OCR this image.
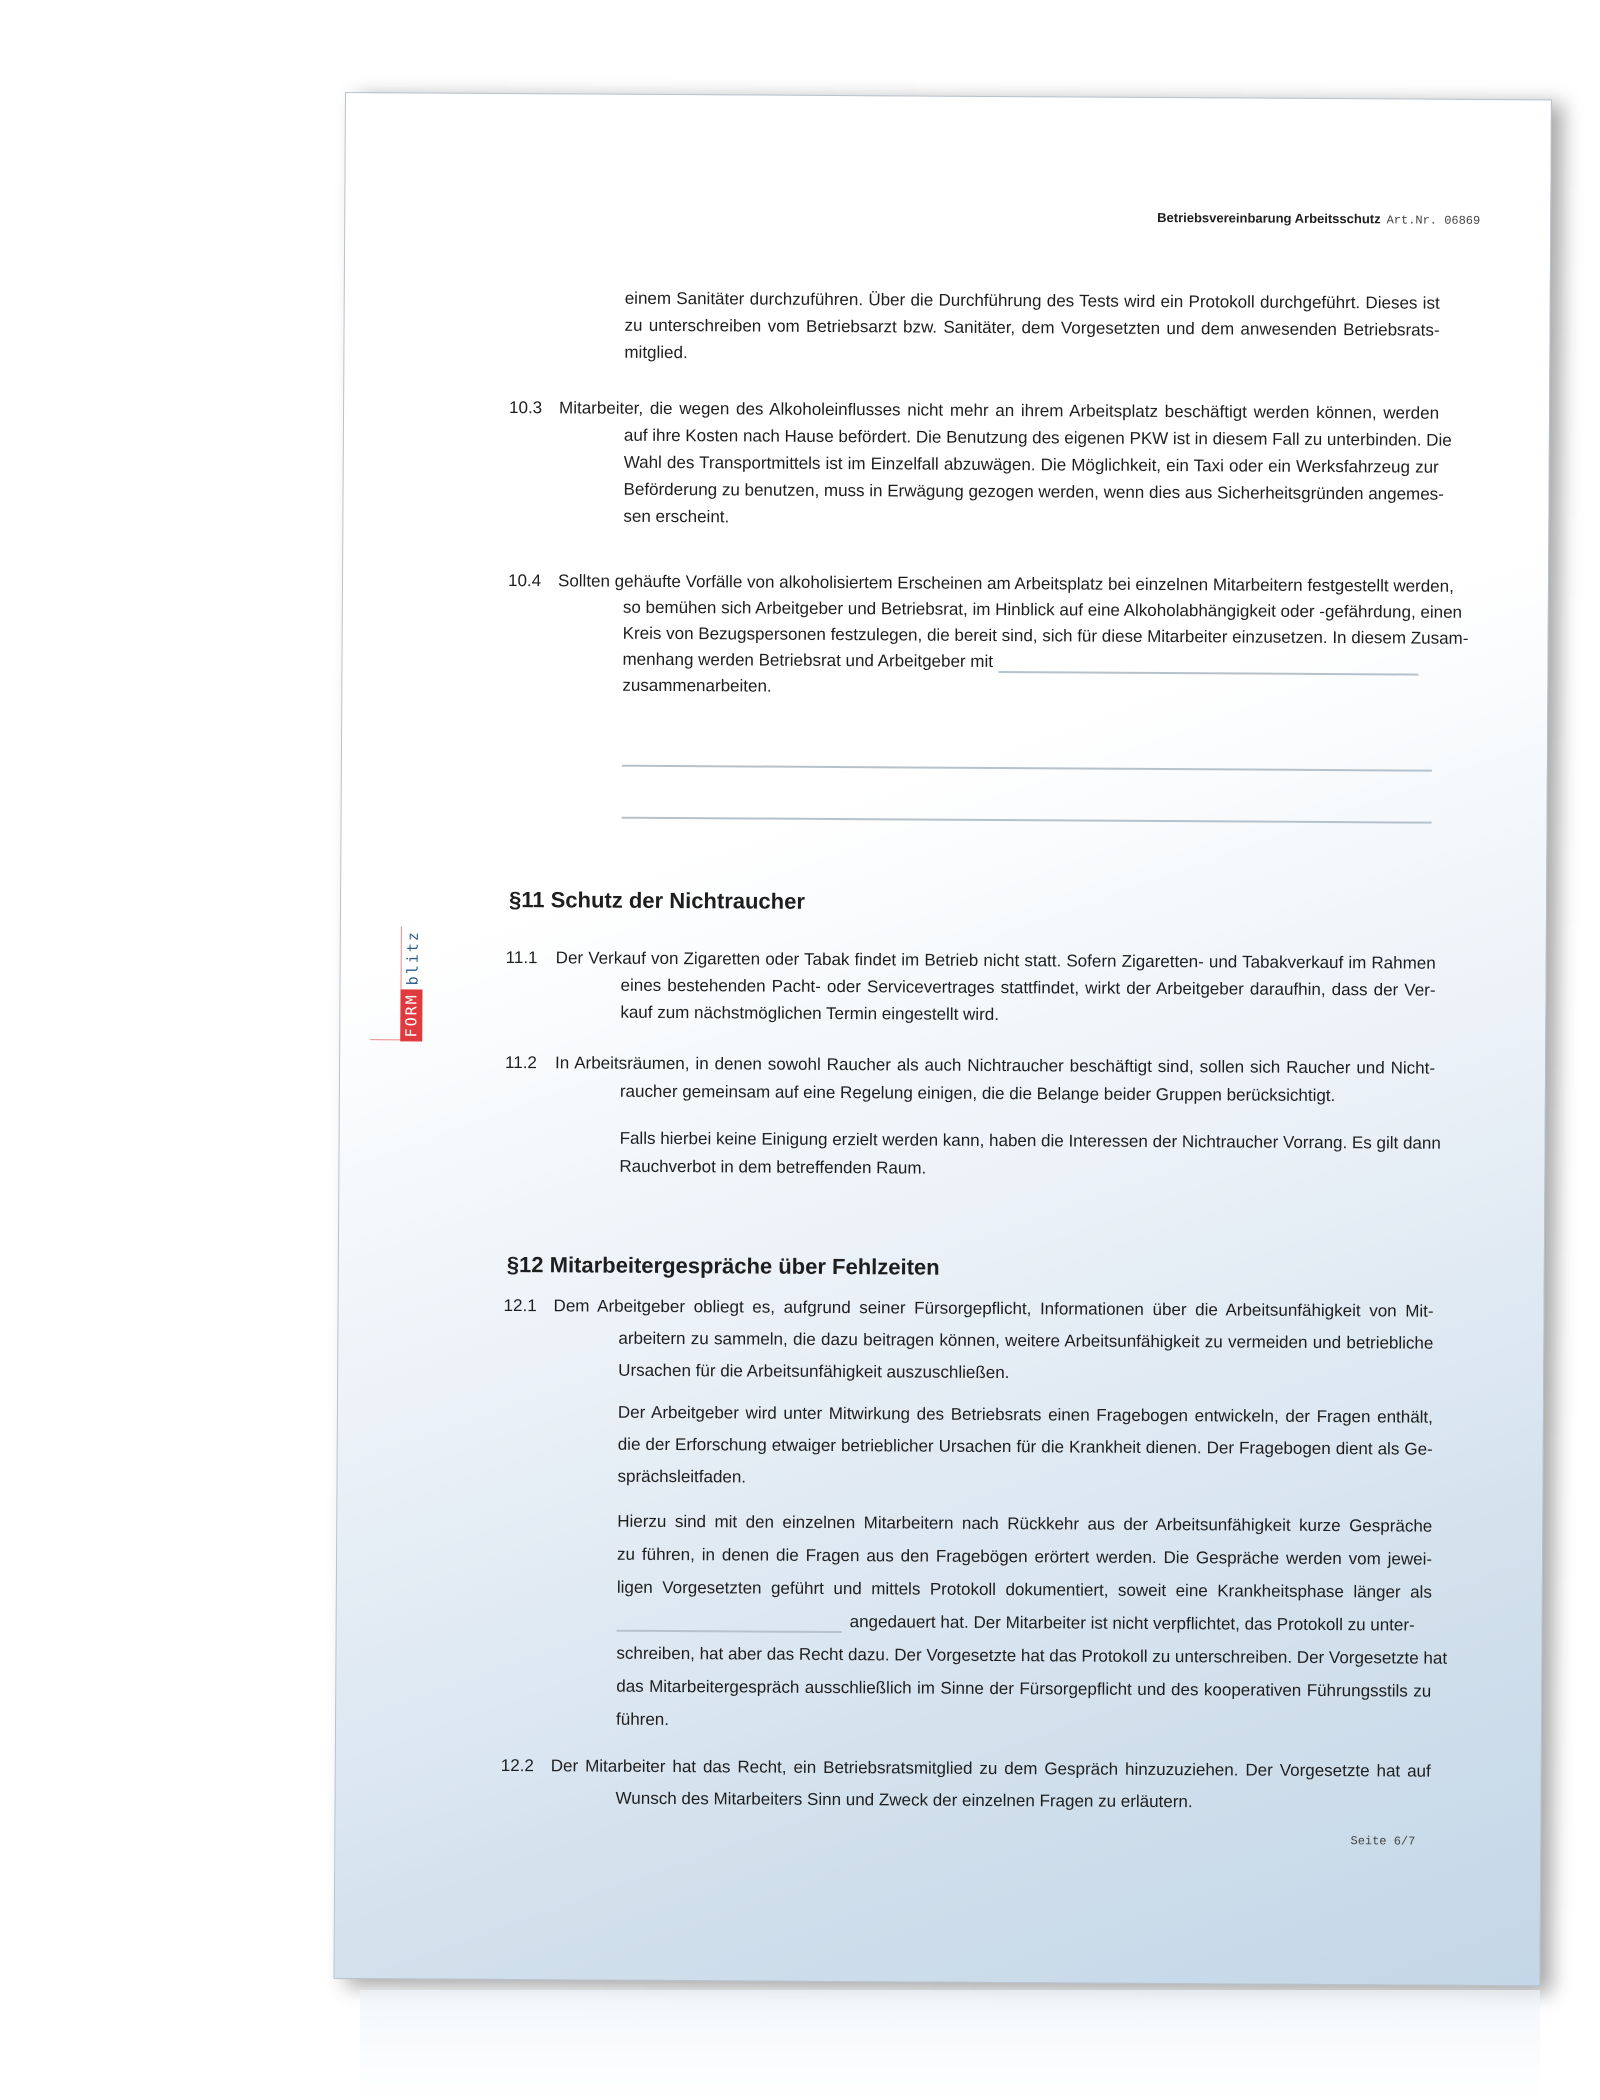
Betriebsvereinbarung Arbeitsschutz Art.Nr. 06869
FORM
blitz
§11 Schutz der Nichtraucher
§12 Mitarbeitergespräche über Fehlzeiten
Seite 6/7
einem Sanitäter durchzuführen. Über die Durchführung des Tests wird ein Protokoll durchgeführt. Dieses ist
zu unterschreiben vom Betriebsarzt bzw. Sanitäter, dem Vorgesetzten und dem anwesenden Betriebsrats-
mitglied.
10.3 Mitarbeiter, die wegen des Alkoholeinflusses nicht mehr an ihrem Arbeitsplatz beschäftigt werden können, werden
auf ihre Kosten nach Hause befördert. Die Benutzung des eigenen PKW ist in diesem Fall zu unterbinden. Die
Wahl des Transportmittels ist im Einzelfall abzuwägen. Die Möglichkeit, ein Taxi oder ein Werksfahrzeug zur
Beförderung zu benutzen, muss in Erwägung gezogen werden, wenn dies aus Sicherheitsgründen angemes-
sen erscheint.
10.4 Sollten gehäufte Vorfälle von alkoholisiertem Erscheinen am Arbeitsplatz bei einzelnen Mitarbeitern festgestellt werden,
so bemühen sich Arbeitgeber und Betriebsrat, im Hinblick auf eine Alkoholabhängigkeit oder -gefährdung, einen
Kreis von Bezugspersonen festzulegen, die bereit sind, sich für diese Mitarbeiter einzusetzen. In diesem Zusam-
menhang werden Betriebsrat und Arbeitgeber mit
zusammenarbeiten.
11.1 Der Verkauf von Zigaretten oder Tabak findet im Betrieb nicht statt. Sofern Zigaretten- und Tabakverkauf im Rahmen
eines bestehenden Pacht- oder Servicevertrages stattfindet, wirkt der Arbeitgeber daraufhin, dass der Ver-
kauf zum nächstmöglichen Termin eingestellt wird.
11.2 In Arbeitsräumen, in denen sowohl Raucher als auch Nichtraucher beschäftigt sind, sollen sich Raucher und Nicht-
raucher gemeinsam auf eine Regelung einigen, die die Belange beider Gruppen berücksichtigt.
Falls hierbei keine Einigung erzielt werden kann, haben die Interessen der Nichtraucher Vorrang. Es gilt dann
Rauchverbot in dem betreffenden Raum.
12.1 Dem Arbeitgeber obliegt es, aufgrund seiner Fürsorgepflicht, Informationen über die Arbeitsunfähigkeit von Mit-
arbeitern zu sammeln, die dazu beitragen können, weitere Arbeitsunfähigkeit zu vermeiden und betriebliche
Ursachen für die Arbeitsunfähigkeit auszuschließen.
Der Arbeitgeber wird unter Mitwirkung des Betriebsrats einen Fragebogen entwickeln, der Fragen enthält,
die der Erforschung etwaiger betrieblicher Ursachen für die Krankheit dienen. Der Fragebogen dient als Ge-
sprächsleitfaden.
Hierzu sind mit den einzelnen Mitarbeitern nach Rückkehr aus der Arbeitsunfähigkeit kurze Gespräche
zu führen, in denen die Fragen aus den Fragebögen erörtert werden. Die Gespräche werden vom jewei-
ligen Vorgesetzten geführt und mittels Protokoll dokumentiert, soweit eine Krankheitsphase länger als
angedauert hat. Der Mitarbeiter ist nicht verpflichtet, das Protokoll zu unter-
schreiben, hat aber das Recht dazu. Der Vorgesetzte hat das Protokoll zu unterschreiben. Der Vorgesetzte hat
das Mitarbeitergespräch ausschließlich im Sinne der Fürsorgepflicht und des kooperativen Führungsstils zu
führen.
12.2 Der Mitarbeiter hat das Recht, ein Betriebsratsmitglied zu dem Gespräch hinzuzuziehen. Der Vorgesetzte hat auf
Wunsch des Mitarbeiters Sinn und Zweck der einzelnen Fragen zu erläutern.
